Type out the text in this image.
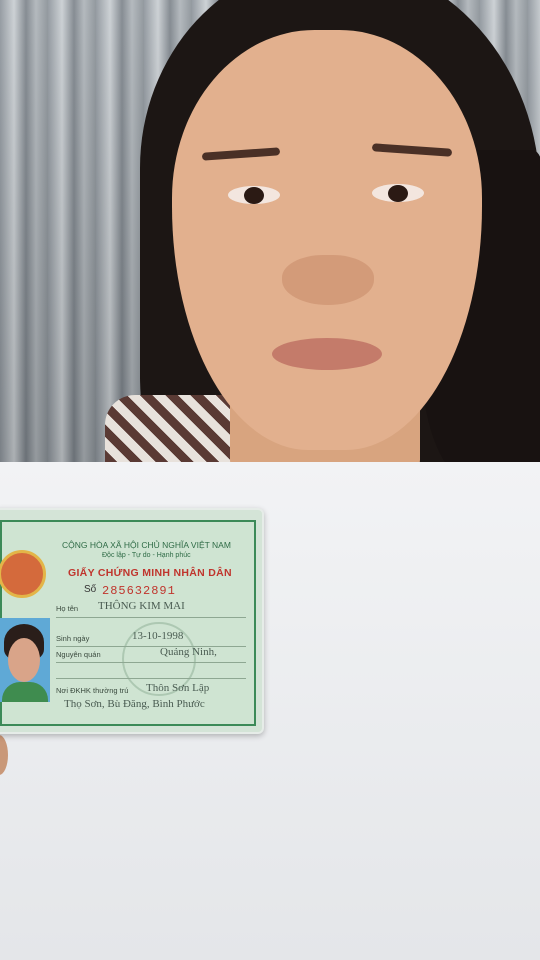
CỘNG HÒA XÃ HỘI CHỦ NGHĨA VIỆT NAM
Độc lập - Tự do - Hạnh phúc
GIẤY CHỨNG MINH NHÂN DÂN
Số 285632891
Họ tên THÔNG KIM MAI
Sinh ngày	13-10-1998
Nguyên quán	Quảng Ninh,
Nơi ĐKHK thường trú Thôn Sơn Lập
Thọ Sơn, Bù Đăng, Bình Phước
